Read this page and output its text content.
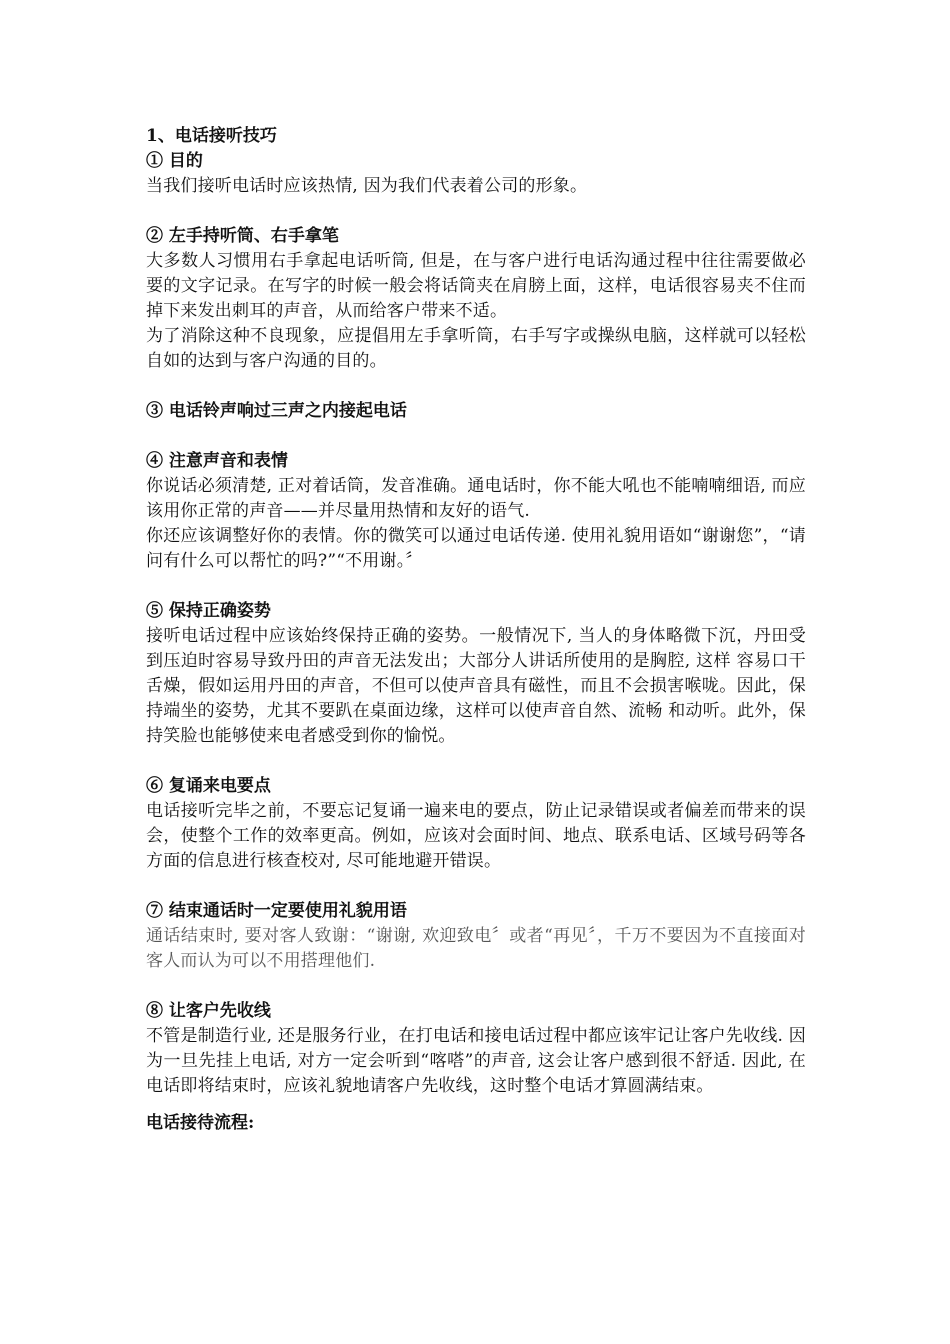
1、电话接听技巧
① 目的
当我们接听电话时应该热情, 因为我们代表着公司的形象。
② 左手持听筒、右手拿笔
大多数人习惯用右手拿起电话听筒, 但是，在与客户进行电话沟通过程中往往需要做必要的文字记录。在写字的时候一般会将话筒夹在肩膀上面，这样，电话很容易夹不住而掉下来发出刺耳的声音，从而给客户带来不适。
为了消除这种不良现象，应提倡用左手拿听筒，右手写字或操纵电脑，这样就可以轻松自如的达到与客户沟通的目的。
③ 电话铃声响过三声之内接起电话
④ 注意声音和表情
你说话必须清楚, 正对着话筒，发音准确。通电话时，你不能大吼也不能喃喃细语, 而应该用你正常的声音——并尽量用热情和友好的语气.
你还应该调整好你的表情。你的微笑可以通过电话传递. 使用礼貌用语如“谢谢您”，“请问有什么可以帮忙的吗?”“不用谢。〞
⑤ 保持正确姿势
接听电话过程中应该始终保持正确的姿势。一般情况下, 当人的身体略微下沉，丹田受到压迫时容易导致丹田的声音无法发出；大部分人讲话所使用的是胸腔, 这样 容易口干舌燥，假如运用丹田的声音，不但可以使声音具有磁性，而且不会损害喉咙。因此，保持端坐的姿势，尤其不要趴在桌面边缘，这样可以使声音自然、流畅 和动听。此外，保持笑脸也能够使来电者感受到你的愉悦。
⑥ 复诵来电要点
电话接听完毕之前，不要忘记复诵一遍来电的要点，防止记录错误或者偏差而带来的误会，使整个工作的效率更高。例如，应该对会面时间、地点、联系电话、区域号码等各方面的信息进行核查校对, 尽可能地避开错误。
⑦ 结束通话时一定要使用礼貌用语
通话结束时, 要对客人致谢：“谢谢, 欢迎致电〞或者“再见〞，千万不要因为不直接面对客人而认为可以不用搭理他们.
⑧ 让客户先收线
不管是制造行业, 还是服务行业，在打电话和接电话过程中都应该牢记让客户先收线. 因为一旦先挂上电话, 对方一定会听到“喀嗒”的声音, 这会让客户感到很不舒适. 因此, 在电话即将结束时，应该礼貌地请客户先收线，这时整个电话才算圆满结束。
电话接待流程:
